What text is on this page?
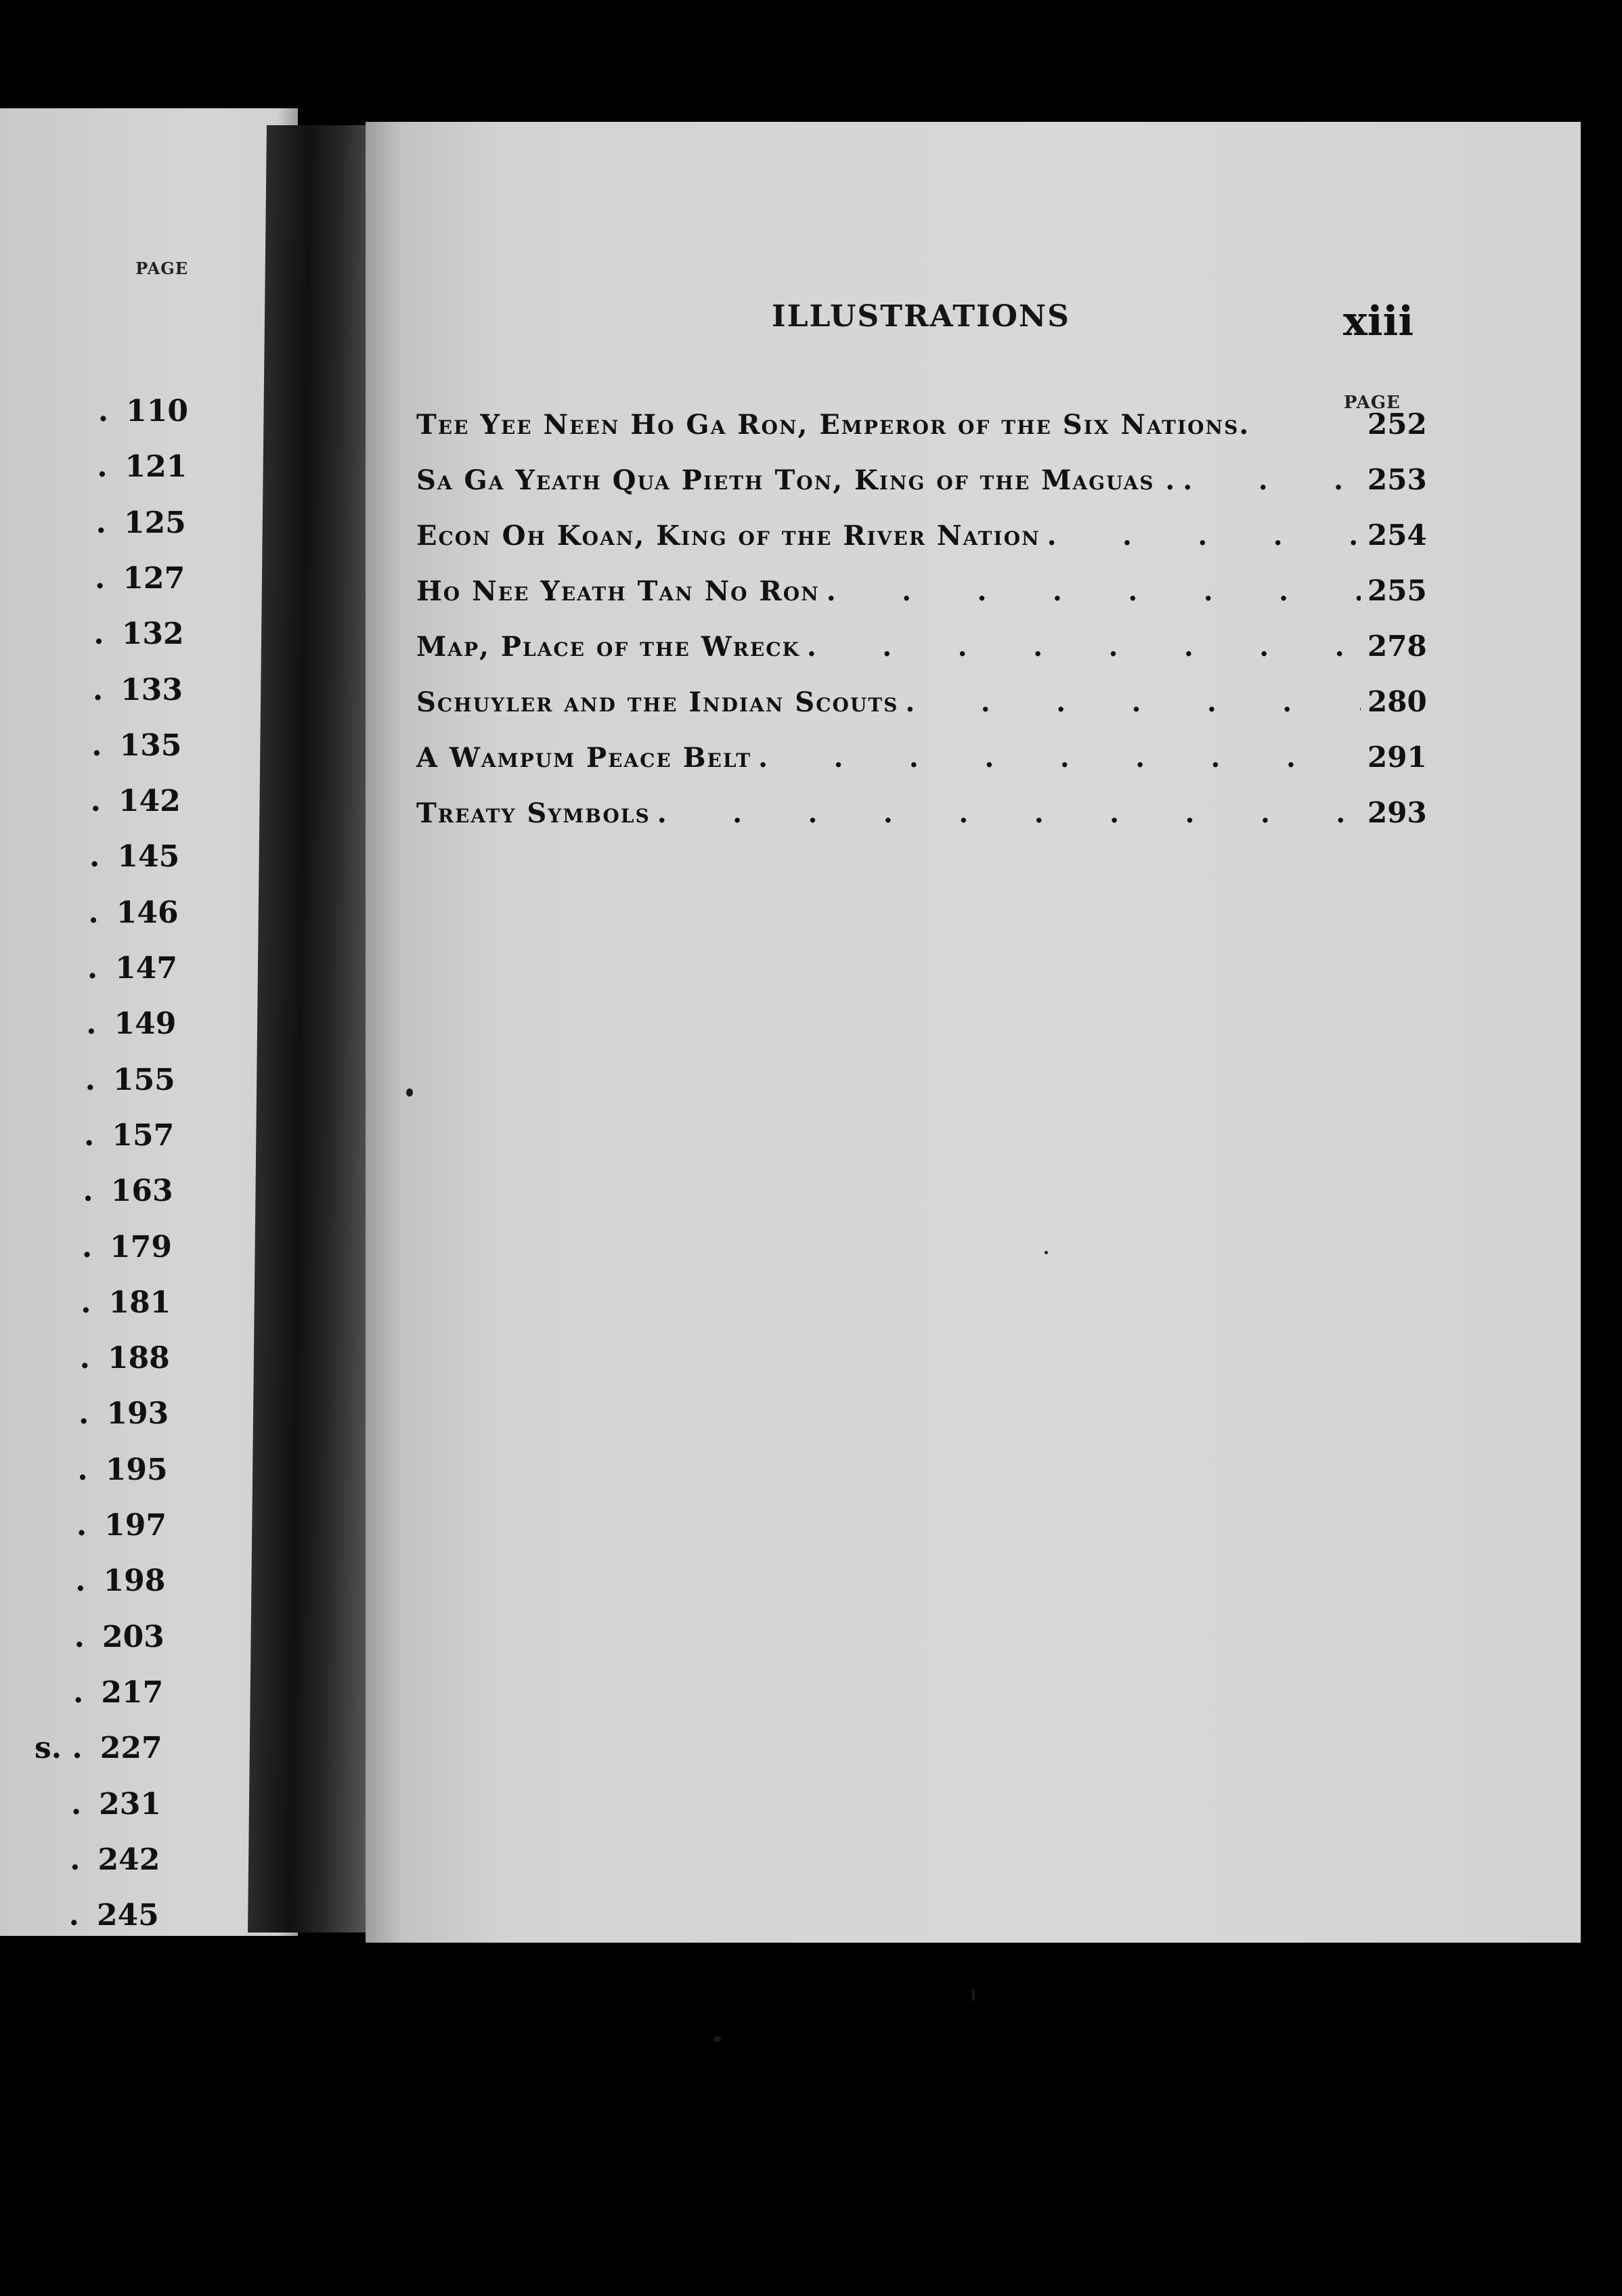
PAGE
ILLUSTRATIONS	xiii
PAGE
. 110
. 121
. 125
. 127
. 132
. 133
. 135
. 142
. 145
. 146
. 147
. 149
. 155
. 157
. 163
. 179
. 181
. 188
. 193
. 195
. 197
. 198
. 203
. 217
s. . 227
. 231
. 242
. 245
Tee Yee Neen Ho Ga Ron, Emperor of the Six Nations.	252
Sa Ga Yeath Qua Pieth Ton, King of the Maguas . .	253
Econ Oh Koan, King of the River Nation .	254
Ho Nee Yeath Tan No Ron .	255
Map, Place of the Wreck .	278
Schuyler and the Indian Scouts .	280
A Wampum Peace Belt .	291
Treaty Symbols .	293
